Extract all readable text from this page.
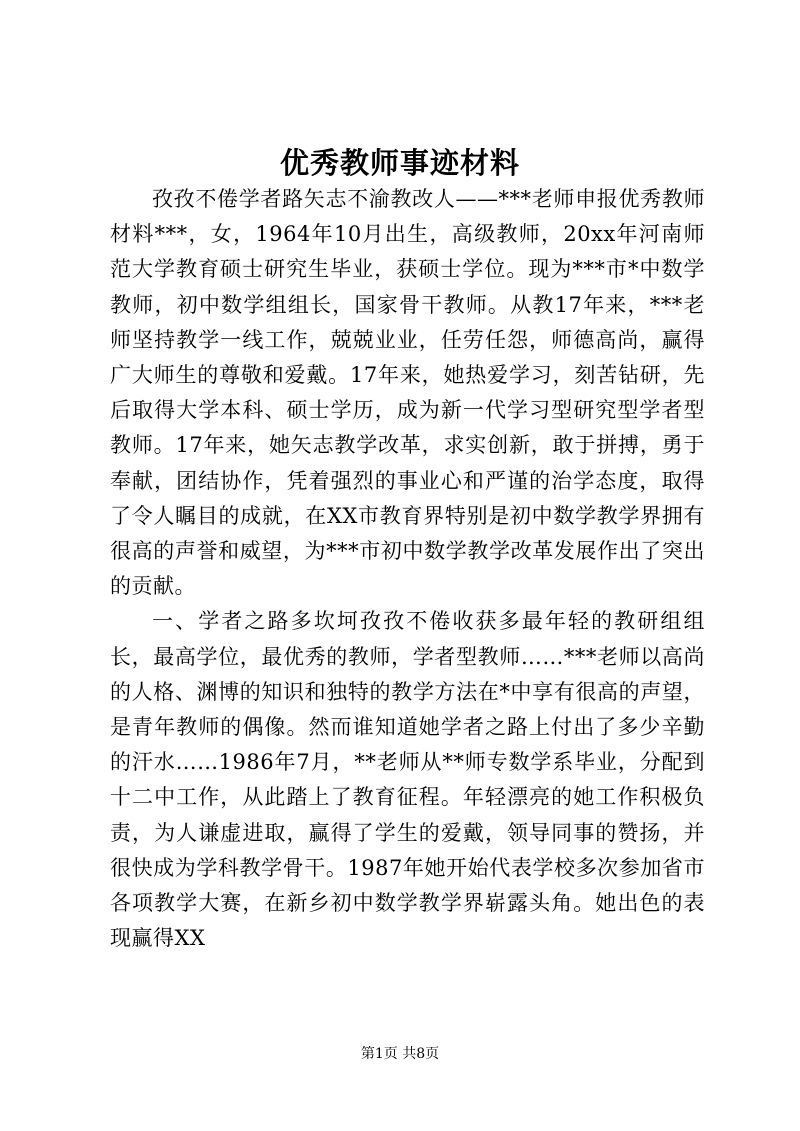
优秀教师事迹材料

孜孜不倦学者路矢志不渝教改人——***老师申报优秀教师材料***，女，1964年10月出生，高级教师，20xx年河南师范大学教育硕士研究生毕业，获硕士学位。现为***市*中数学教师，初中数学组组长，国家骨干教师。从教17年来，***老师坚持教学一线工作，兢兢业业，任劳任怨，师德高尚，赢得广大师生的尊敬和爱戴。17年来，她热爱学习，刻苦钻研，先后取得大学本科、硕士学历，成为新一代学习型研究型学者型教师。17年来，她矢志教学改革，求实创新，敢于拼搏，勇于奉献，团结协作，凭着强烈的事业心和严谨的治学态度，取得了令人瞩目的成就，在XX市教育界特别是初中数学教学界拥有很高的声誉和威望，为***市初中数学教学改革发展作出了突出的贡献。

一、学者之路多坎坷孜孜不倦收获多最年轻的教研组组长，最高学位，最优秀的教师，学者型教师……***老师以高尚的人格、渊博的知识和独特的教学方法在*中享有很高的声望，是青年教师的偶像。然而谁知道她学者之路上付出了多少辛勤的汗水……1986年7月，**老师从**师专数学系毕业，分配到十二中工作，从此踏上了教育征程。年轻漂亮的她工作积极负责，为人谦虚进取，赢得了学生的爱戴，领导同事的赞扬，并很快成为学科教学骨干。1987年她开始代表学校多次参加省市各项教学大赛，在新乡初中数学教学界崭露头角。她出色的表现赢得XX

第1页 共8页
